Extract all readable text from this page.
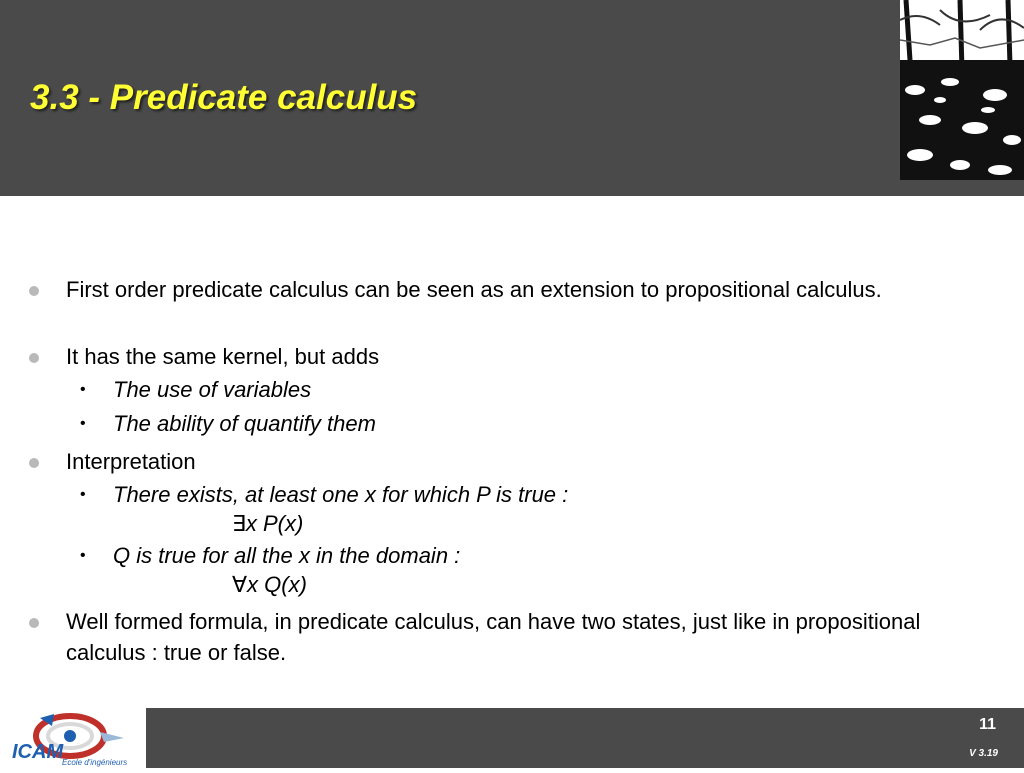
3.3 - Predicate calculus
First order predicate calculus can be seen as an extension to propositional calculus.
It has the same kernel, but adds
• The use of variables
• The ability of quantify them
Interpretation
• There exists, at least one x for which P is true :
∃x P(x)
• Q is true for all the x in the domain :
∀x Q(x)
Well formed formula, in predicate calculus, can have two states, just like in propositional calculus : true or false.
ICAM
Ecole d'ingénieurs
11
V 3.19
